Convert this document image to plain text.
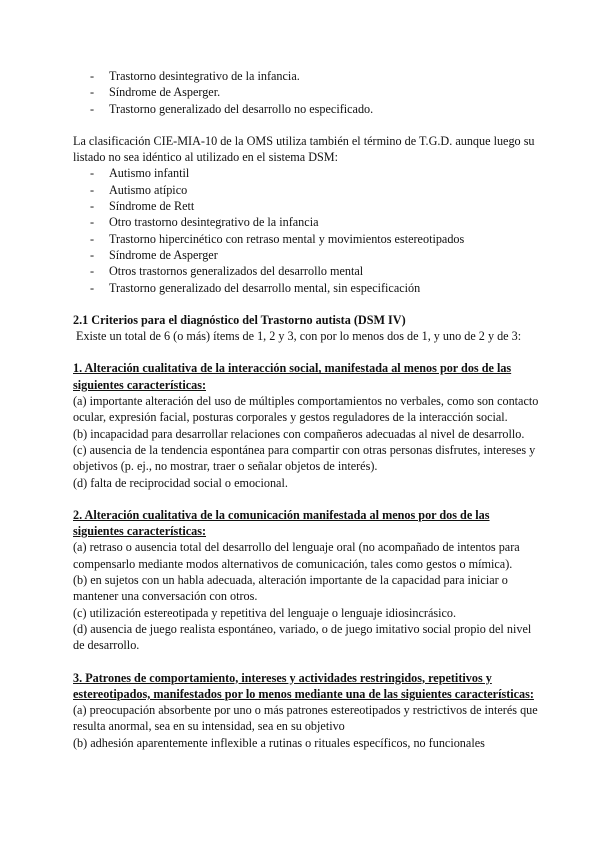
- Trastorno desintegrativo de la infancia.
- Síndrome de Asperger.
- Trastorno generalizado del desarrollo no especificado.

La clasificación CIE-MIA-10 de la OMS utiliza también el término de T.G.D. aunque luego su listado no sea idéntico al utilizado en el sistema DSM:

- Autismo infantil
- Autismo atípico
- Síndrome de Rett
- Otro trastorno desintegrativo de la infancia
- Trastorno hipercinético con retraso mental y movimientos estereotipados
- Síndrome de Asperger
- Otros trastornos generalizados del desarrollo mental
- Trastorno generalizado del desarrollo mental, sin especificación

2.1 Criterios para el diagnóstico del Trastorno autista (DSM IV)

Existe un total de 6 (o más) ítems de 1, 2 y 3, con por lo menos dos de 1, y uno de 2 y de 3:

1. Alteración cualitativa de la interacción social, manifestada al menos por dos de las siguientes características:

(a) importante alteración del uso de múltiples comportamientos no verbales, como son contacto ocular, expresión facial, posturas corporales y gestos reguladores de la interacción social.

(b) incapacidad para desarrollar relaciones con compañeros adecuadas al nivel de desarrollo.

(c) ausencia de la tendencia espontánea para compartir con otras personas disfrutes, intereses y objetivos (p. ej., no mostrar, traer o señalar objetos de interés).

(d) falta de reciprocidad social o emocional.

2. Alteración cualitativa de la comunicación manifestada al menos por dos de las siguientes características:

(a) retraso o ausencia total del desarrollo del lenguaje oral (no acompañado de intentos para compensarlo mediante modos alternativos de comunicación, tales como gestos o mímica).

(b) en sujetos con un habla adecuada, alteración importante de la capacidad para iniciar o mantener una conversación con otros.

(c) utilización estereotipada y repetitiva del lenguaje o lenguaje idiosincrásico.

(d) ausencia de juego realista espontáneo, variado, o de juego imitativo social propio del nivel de desarrollo.

3. Patrones de comportamiento, intereses y actividades restringidos, repetitivos y estereotipados, manifestados por lo menos mediante una de las siguientes características:

(a) preocupación absorbente por uno o más patrones estereotipados y restrictivos de interés que resulta anormal, sea en su intensidad, sea en su objetivo

(b) adhesión aparentemente inflexible a rutinas o rituales específicos, no funcionales
